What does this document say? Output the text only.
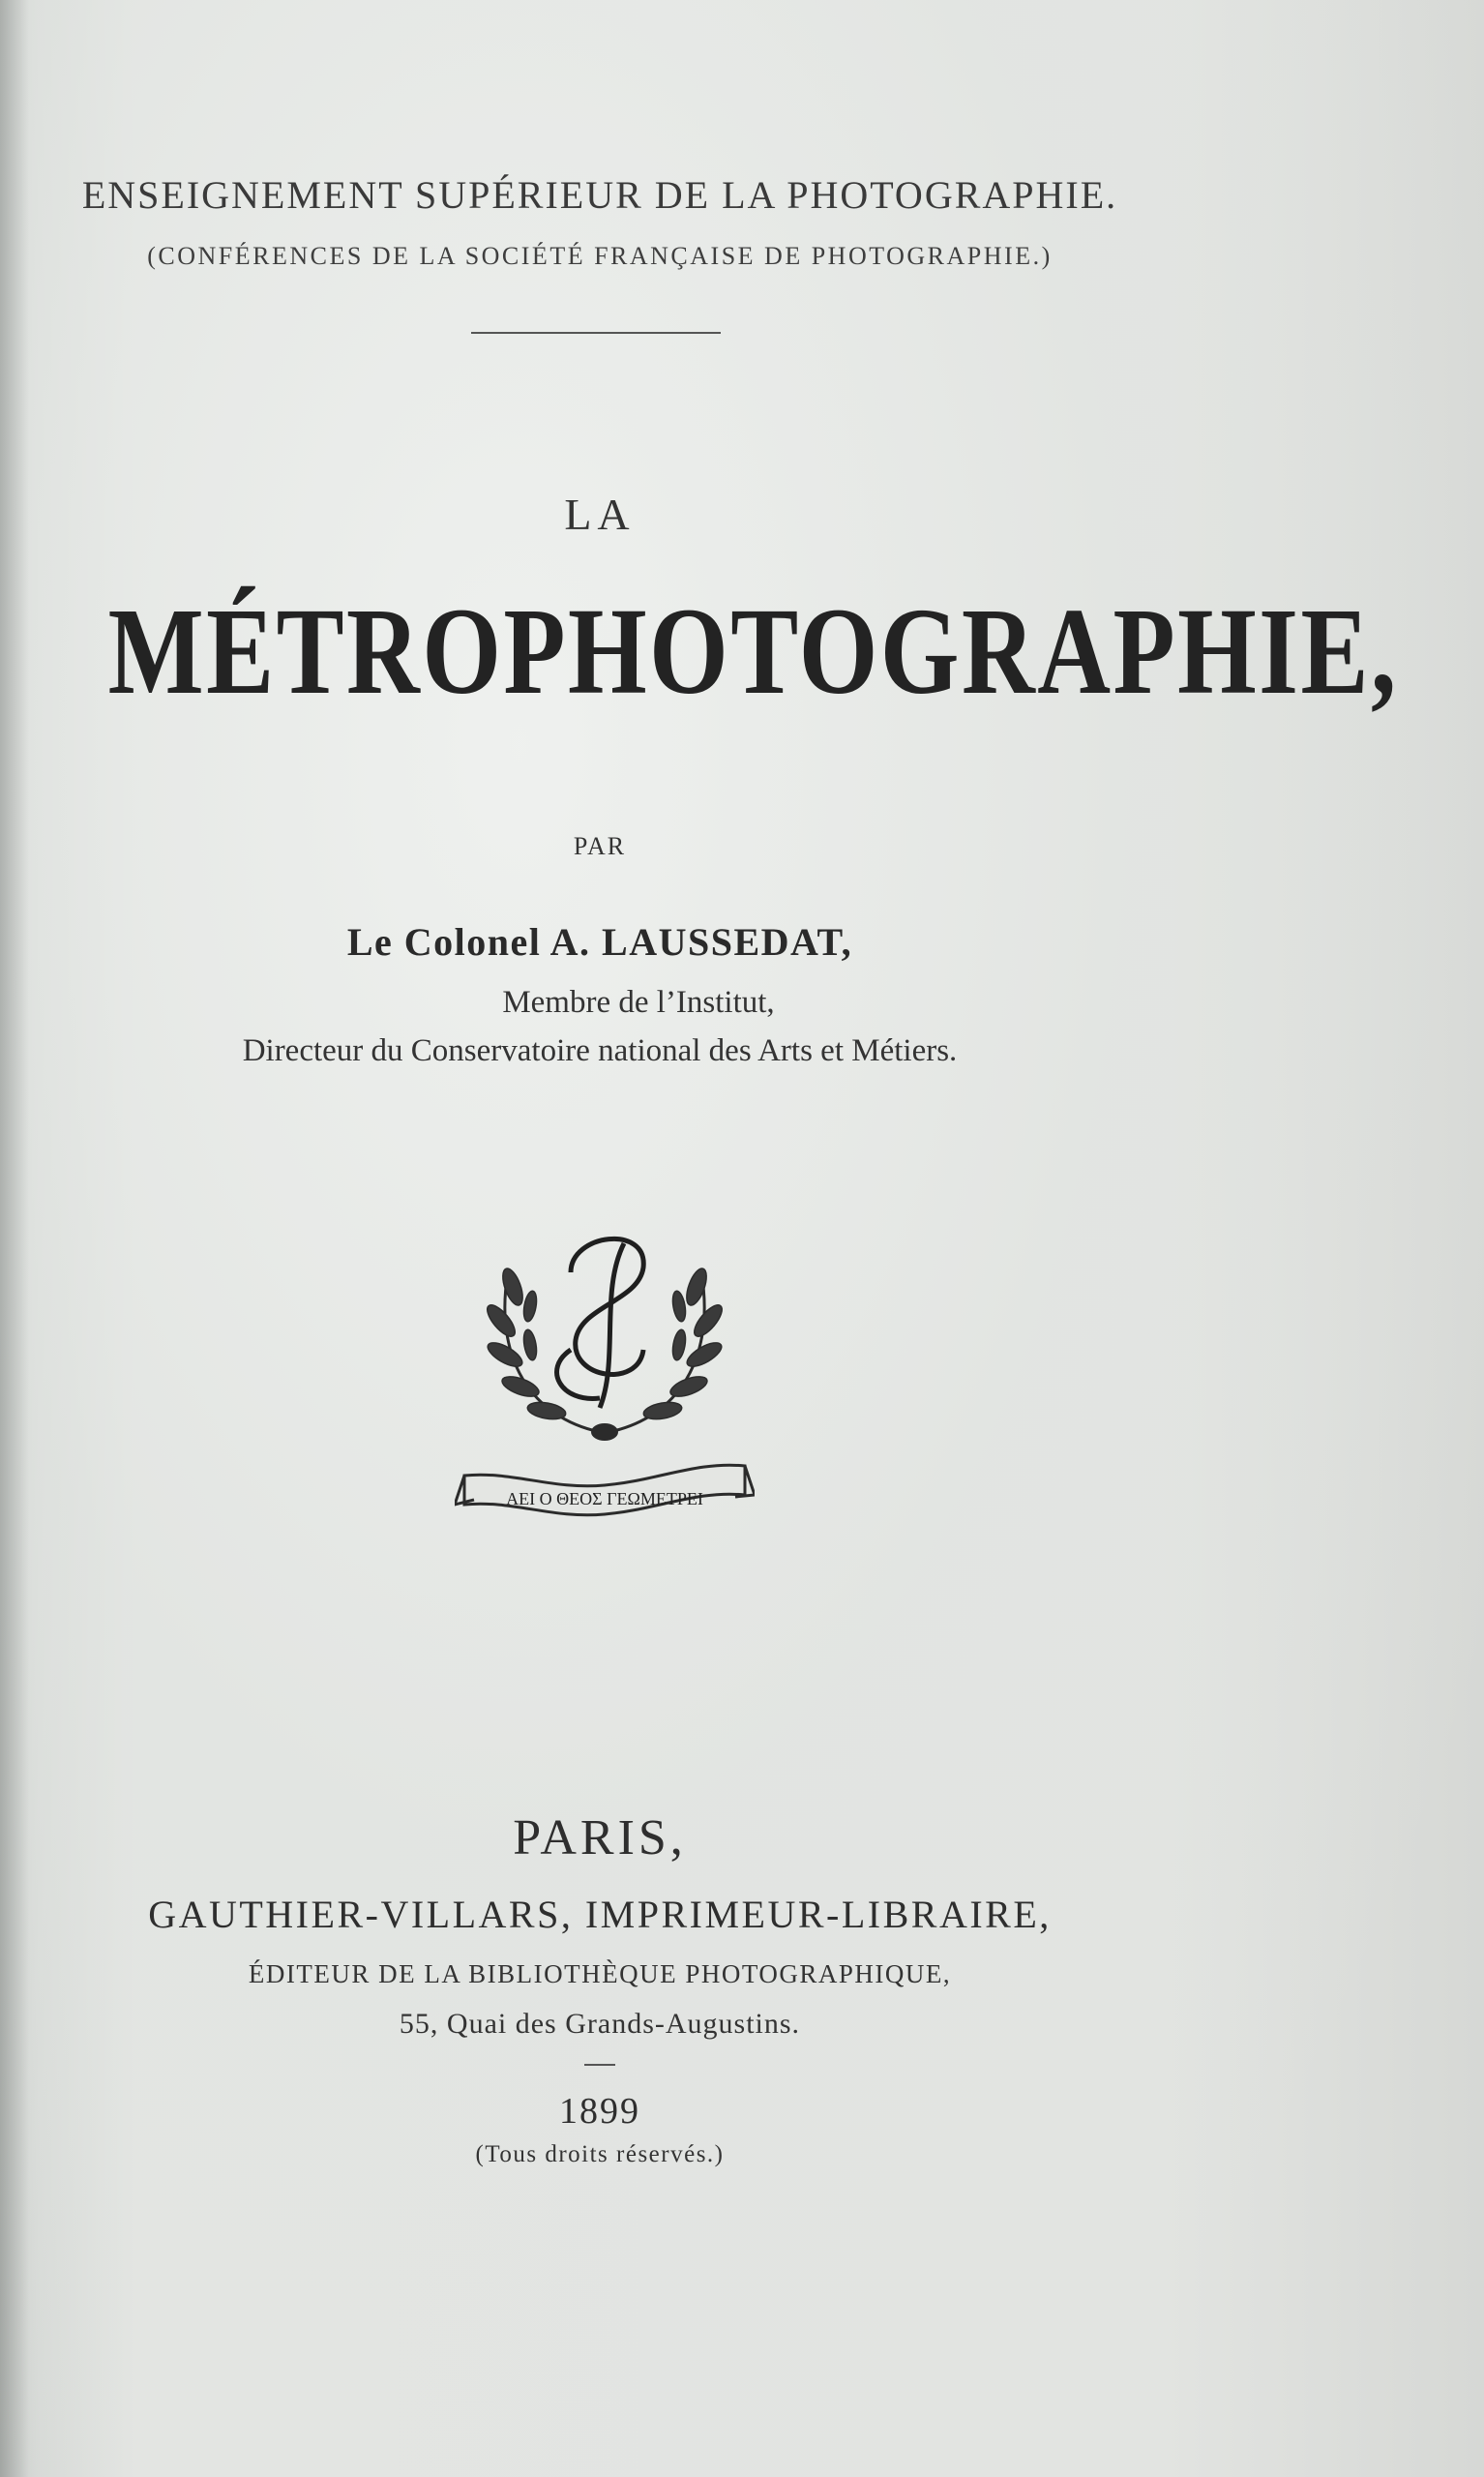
ENSEIGNEMENT SUPÉRIEUR DE LA PHOTOGRAPHIE.
(CONFÉRENCES DE LA SOCIÉTÉ FRANÇAISE DE PHOTOGRAPHIE.)
LA
MÉTROPHOTOGRAPHIE,
PAR
Le Colonel A. LAUSSEDAT,
Membre de l’Institut,
Directeur du Conservatoire national des Arts et Métiers.
ΑΕΙ Ο ΘΕΟΣ ΓΕΩΜΕΤΡΕΙ
PARIS,
GAUTHIER-VILLARS, IMPRIMEUR-LIBRAIRE,
ÉDITEUR DE LA BIBLIOTHÈQUE PHOTOGRAPHIQUE,
55, Quai des Grands-Augustins.
1899
(Tous droits réservés.)
